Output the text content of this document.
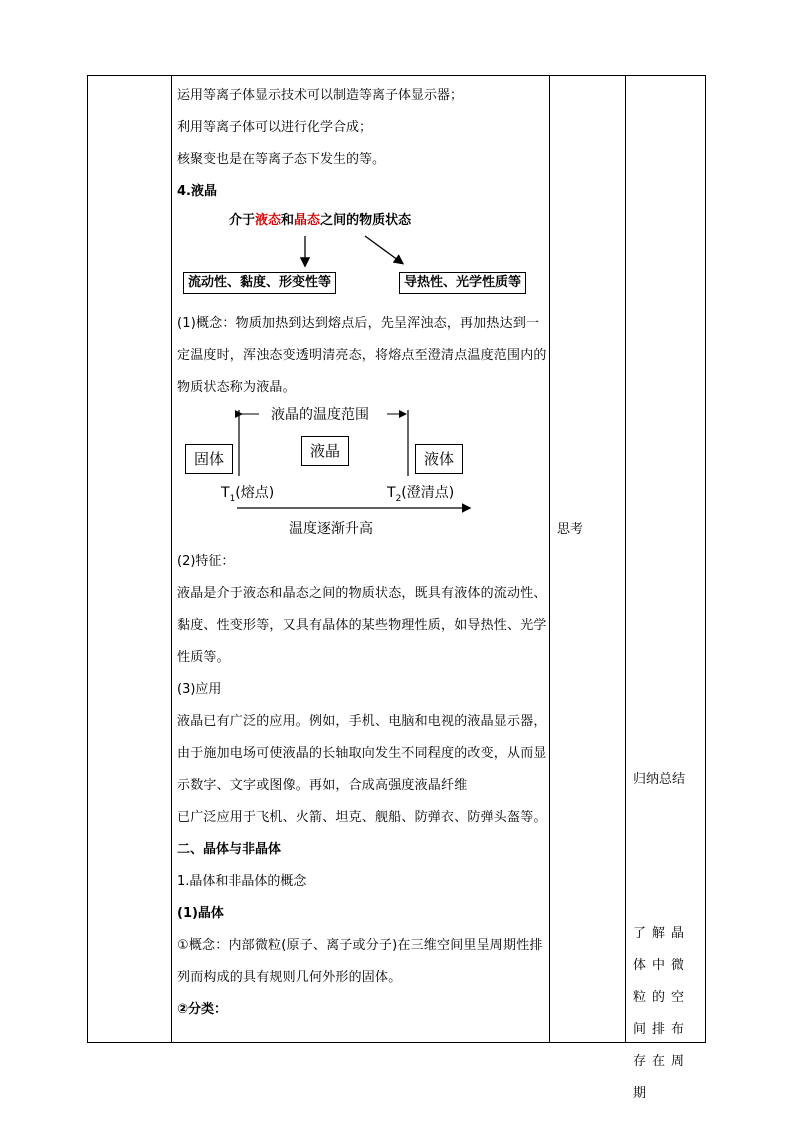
运用等离子体显示技术可以制造等离子体显示器；

利用等离子体可以进行化学合成；

核聚变也是在等离子态下发生的等。

4.液晶

介于液态和晶态之间的物质状态
流动性、黏度、形变性等	导热性、光学性质等

(1)概念：物质加热到达到熔点后，先呈浑浊态，再加热达到一定温度时，浑浊态变透明清亮态，将熔点至澄清点温度范围内的物质状态称为液晶。

液晶的温度范围
固体	液晶	液体
$T_1$(熔点)	$T_2$(澄清点)
温度逐渐升高

(2)特征：

液晶是介于液态和晶态之间的物质状态，既具有液体的流动性、黏度、性变形等，又具有晶体的某些物理性质，如导热性、光学性质等。

(3)应用

液晶已有广泛的应用。例如，手机、电脑和电视的液晶显示器，由于施加电场可使液晶的长轴取向发生不同程度的改变，从而显示数字、文字或图像。再如，合成高强度液晶纤维

已广泛应用于飞机、火箭、坦克、舰船、防弹衣、防弹头盔等。

二、晶体与非晶体

1.晶体和非晶体的概念

(1)晶体

①概念：内部微粒(原子、离子或分子)在三维空间里呈周期性排列而构成的具有规则几何外形的固体。

②分类：

思考
归纳总结
了解晶体中微粒的空间排布存在周期
